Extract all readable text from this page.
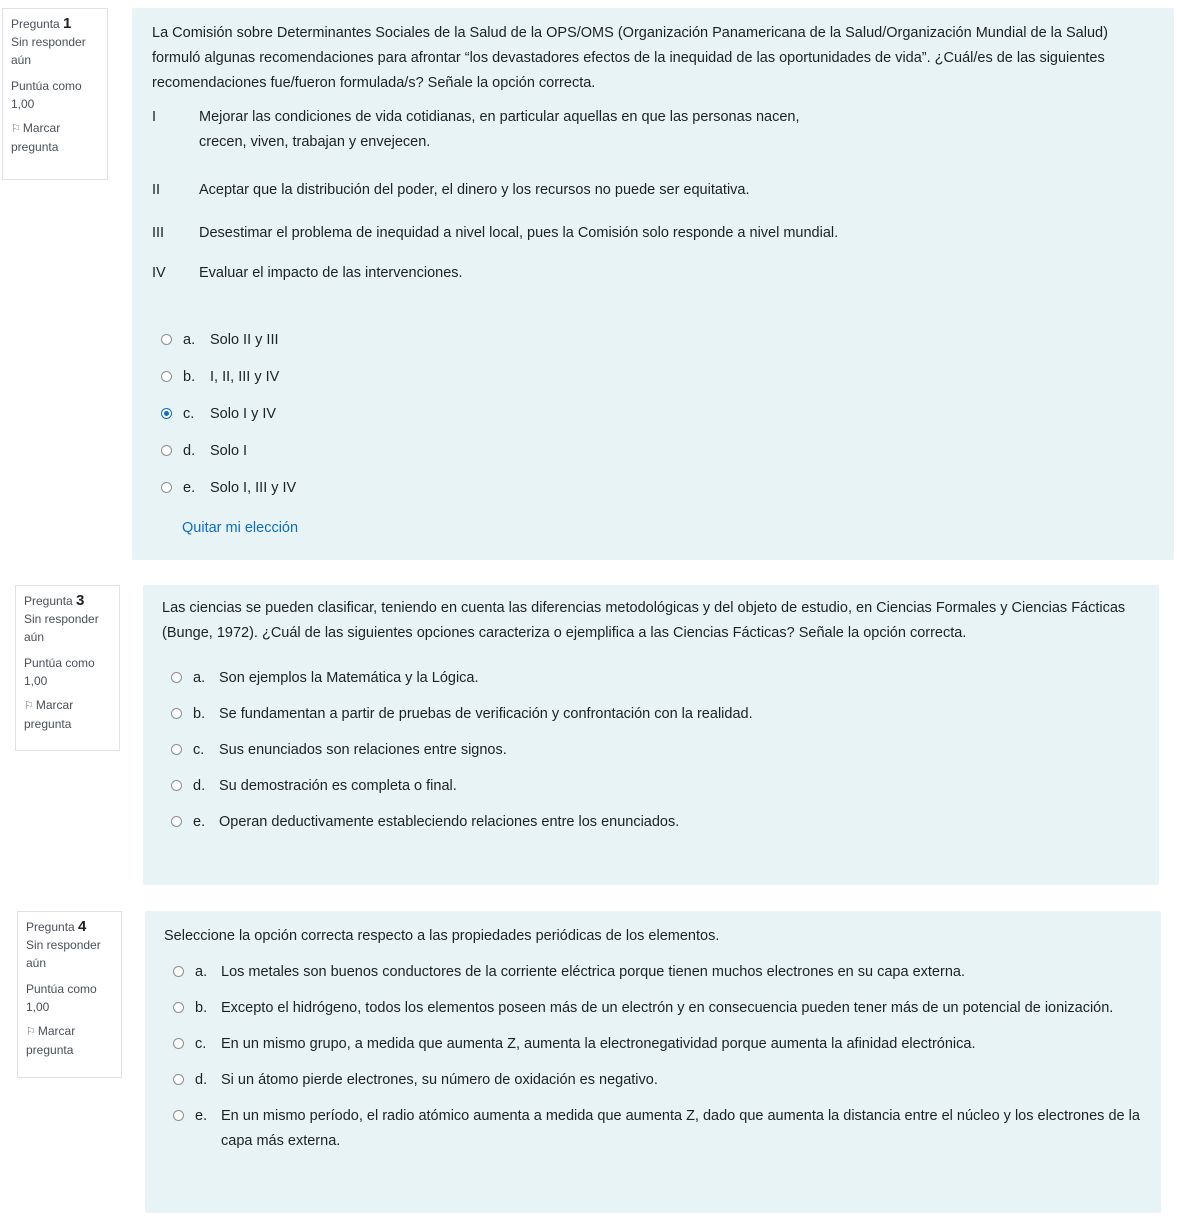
Pregunta 1
Sin responder
aún
Puntúa como
1,00
⚐ Marcar
pregunta
La Comisión sobre Determinantes Sociales de la Salud de la OPS/OMS (Organización Panamericana de la Salud/Organización Mundial de la Salud) formuló algunas recomendaciones para afrontar “los devastadores efectos de la inequidad de las oportunidades de vida”. ¿Cuál/es de las siguientes recomendaciones fue/fueron formulada/s? Señale la opción correcta.
I	Mejorar las condiciones de vida cotidianas, en particular aquellas en que las personas nacen,
crecen, viven, trabajan y envejecen.
II	Aceptar que la distribución del poder, el dinero y los recursos no puede ser equitativa.
III Desestimar el problema de inequidad a nivel local, pues la Comisión solo responde a nivel mundial.
IV Evaluar el impacto de las intervenciones.
a. Solo II y III
b. I, II, III y IV
c. Solo I y IV
d. Solo I
e. Solo I, III y IV
Quitar mi elección
Pregunta 3
Sin responder
aún
Puntúa como
1,00
⚐ Marcar
pregunta
Las ciencias se pueden clasificar, teniendo en cuenta las diferencias metodológicas y del objeto de estudio, en Ciencias Formales y Ciencias Fácticas (Bunge, 1972). ¿Cuál de las siguientes opciones caracteriza o ejemplifica a las Ciencias Fácticas? Señale la opción correcta.
a. Son ejemplos la Matemática y la Lógica.
b. Se fundamentan a partir de pruebas de verificación y confrontación con la realidad.
c. Sus enunciados son relaciones entre signos.
d. Su demostración es completa o final.
e. Operan deductivamente estableciendo relaciones entre los enunciados.
Pregunta 4
Sin responder
aún
Puntúa como
1,00
⚐ Marcar
pregunta
Seleccione la opción correcta respecto a las propiedades periódicas de los elementos.
a. Los metales son buenos conductores de la corriente eléctrica porque tienen muchos electrones en su capa externa.
b. Excepto el hidrógeno, todos los elementos poseen más de un electrón y en consecuencia pueden tener más de un potencial de ionización.
c. En un mismo grupo, a medida que aumenta Z, aumenta la electronegatividad porque aumenta la afinidad electrónica.
d. Si un átomo pierde electrones, su número de oxidación es negativo.
e. En un mismo período, el radio atómico aumenta a medida que aumenta Z, dado que aumenta la distancia entre el núcleo y los electrones de la capa más externa.
